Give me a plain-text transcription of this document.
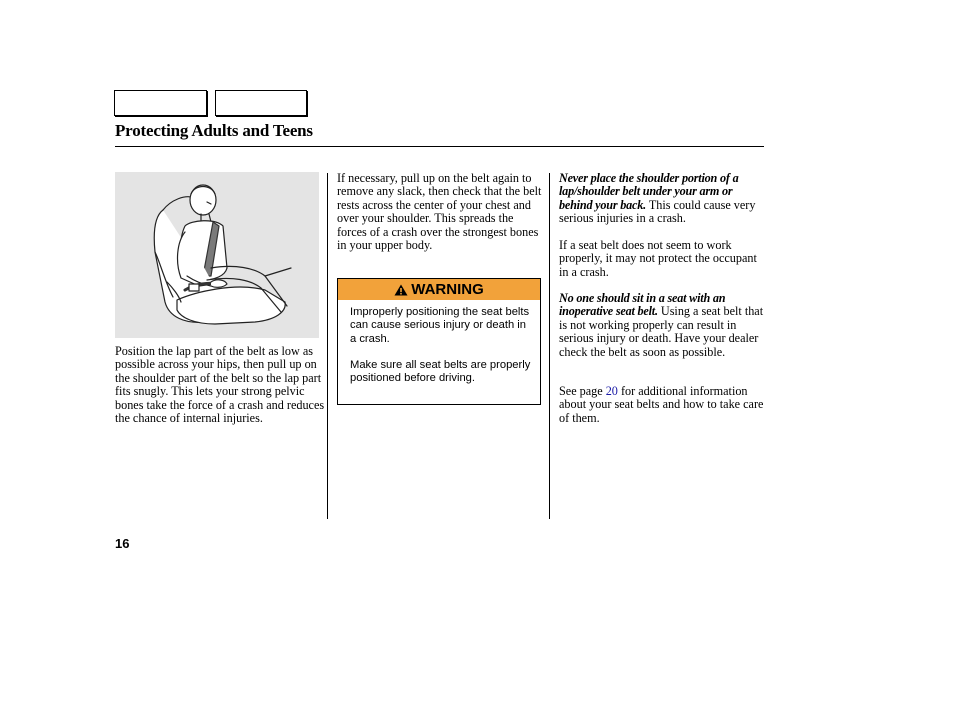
Protecting Adults and Teens
Position the lap part of the belt as low as possible across your hips, then pull up on the shoulder part of the belt so the lap part fits snugly. This lets your strong pelvic bones take the force of a crash and reduces the chance of internal injuries.
If necessary, pull up on the belt again to remove any slack, then check that the belt rests across the center of your chest and over your shoulder. This spreads the forces of a crash over the strongest bones in your upper body.
WARNING
Improperly positioning the seat belts can cause serious injury or death in a crash.
Make sure all seat belts are properly positioned before driving.
Never place the shoulder portion of a lap/shoulder belt under your arm or behind your back. This could cause very serious injuries in a crash.
If a seat belt does not seem to work properly, it may not protect the occupant in a crash.
No one should sit in a seat with an inoperative seat belt. Using a seat belt that is not working properly can result in serious injury or death. Have your dealer check the belt as soon as possible.
See page 20 for additional information about your seat belts and how to take care of them.
16
